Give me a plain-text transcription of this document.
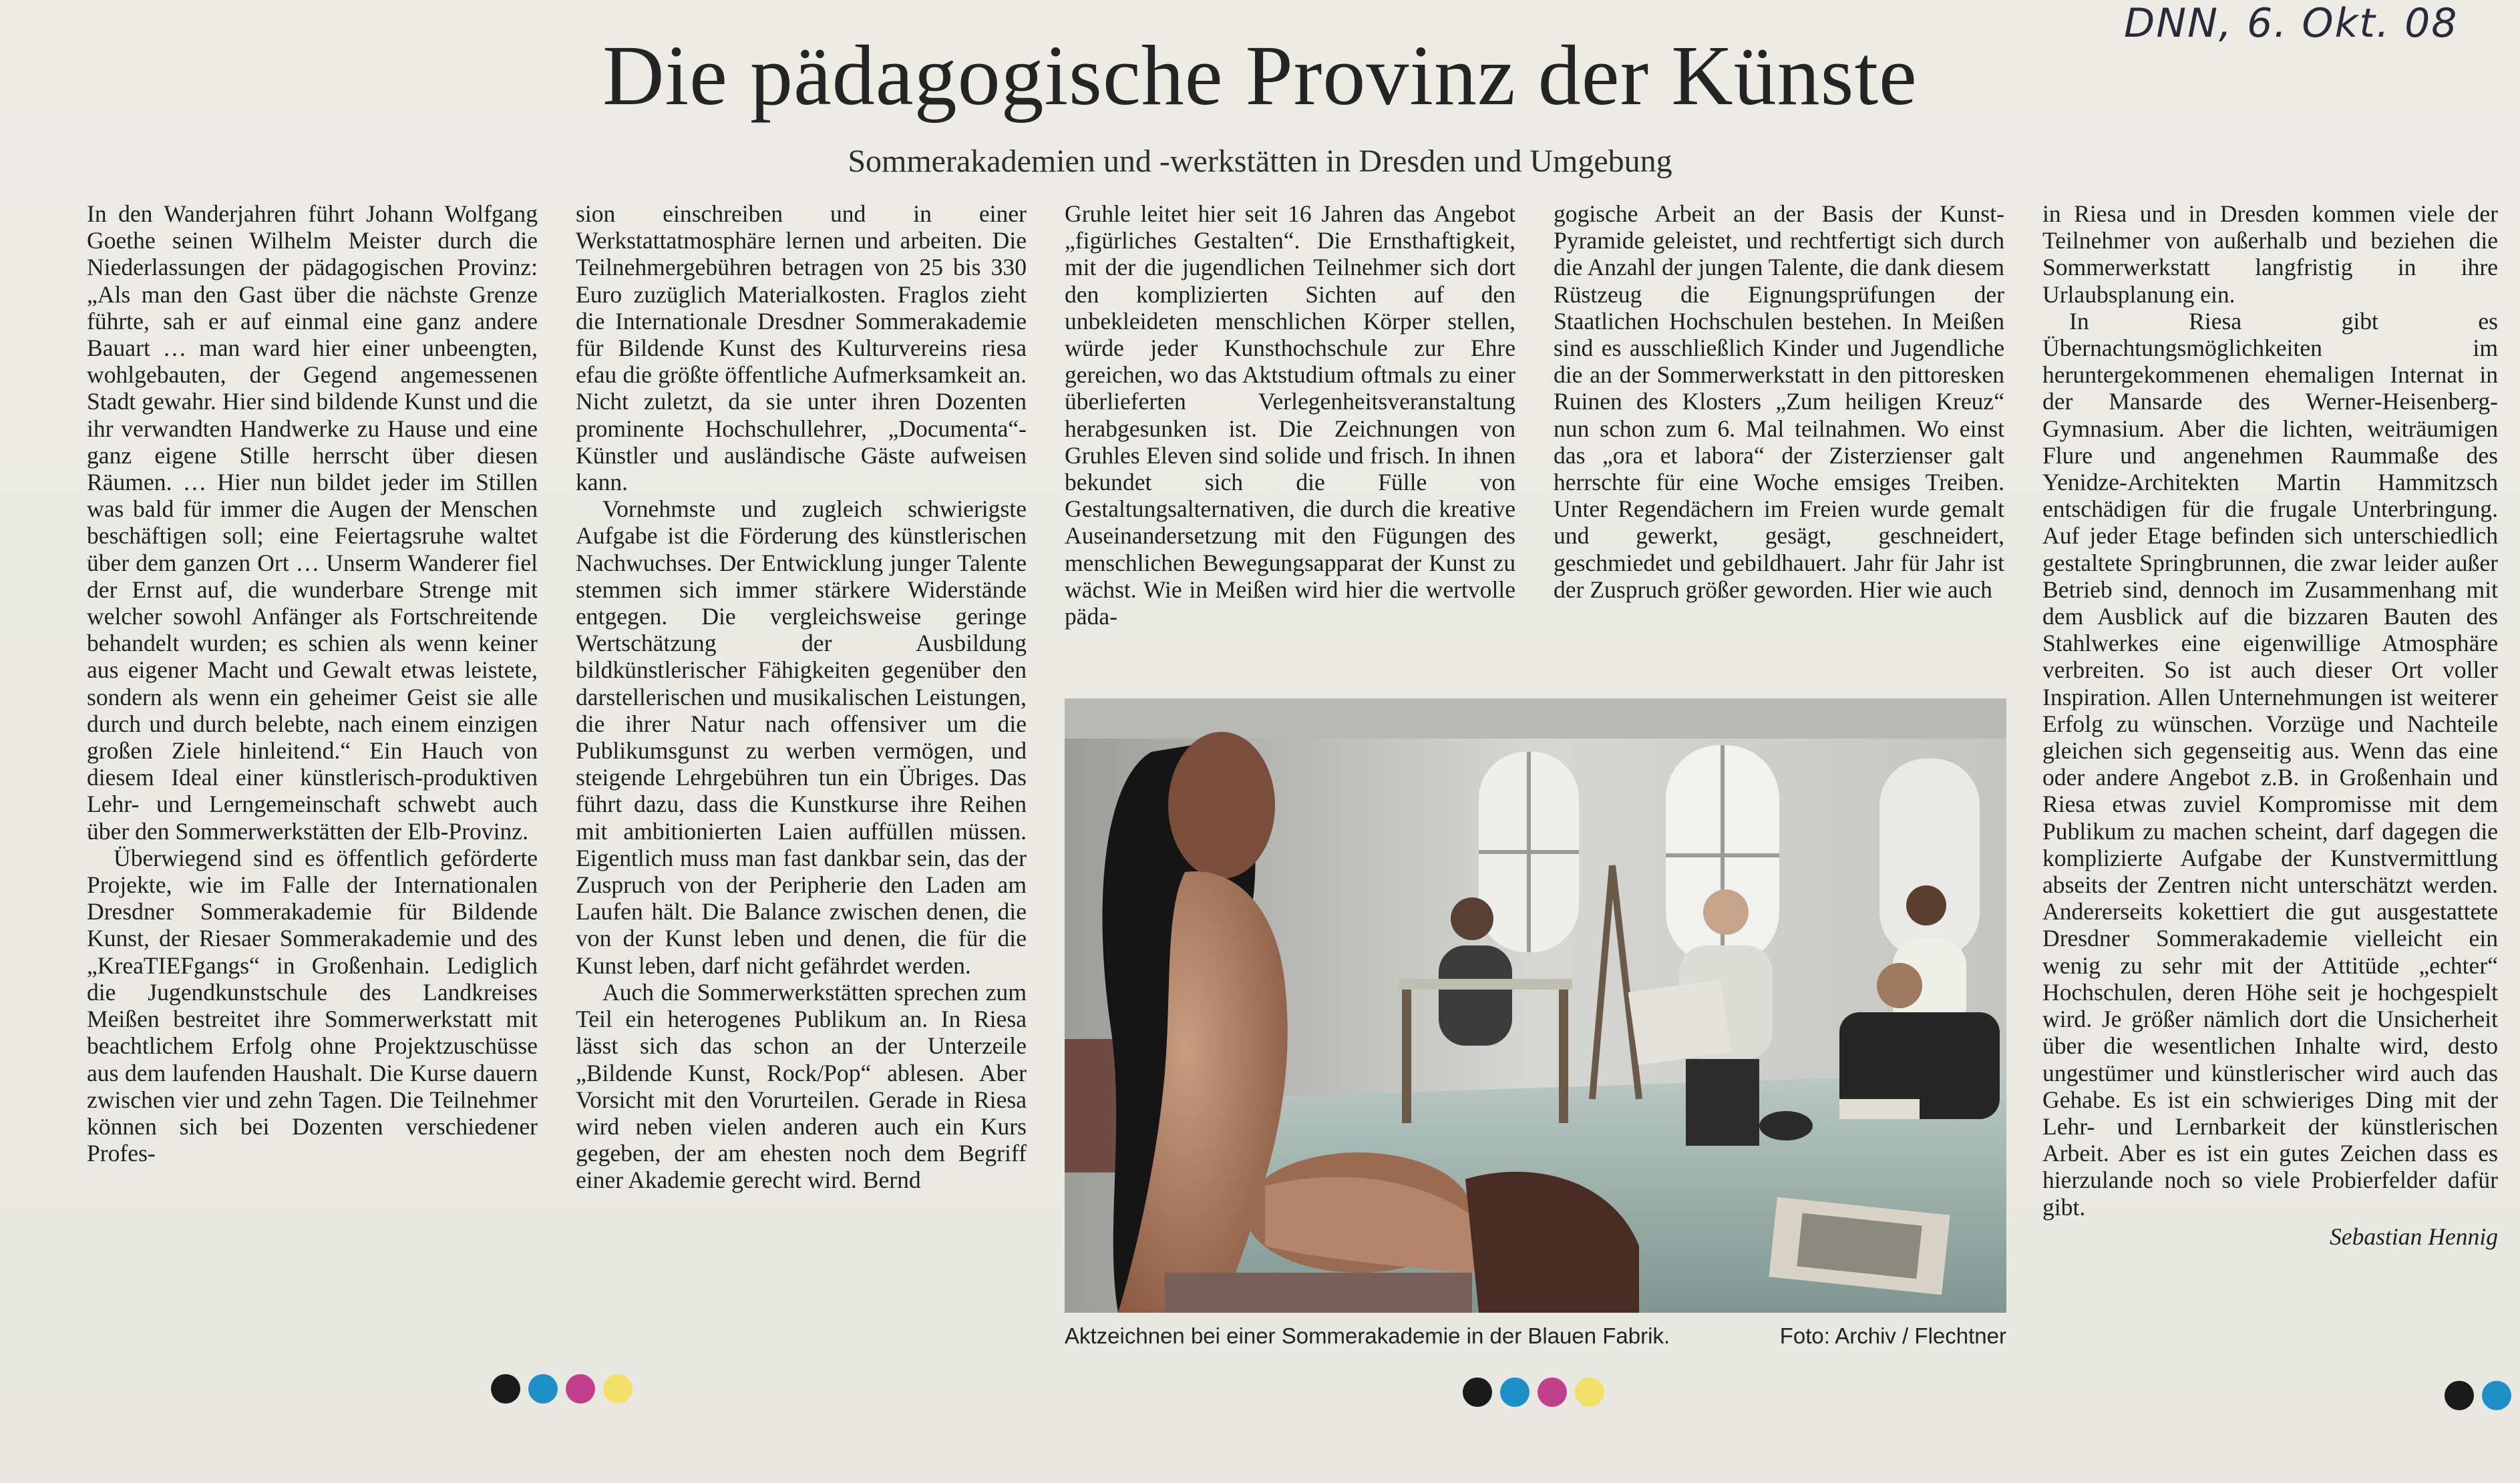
DNN, 6. Okt. 08
Die pädagogische Provinz der Künste
Sommerakademien und -werkstätten in Dresden und Umgebung

In den Wanderjahren führt Johann Wolfgang Goethe seinen Wilhelm Meister durch die Niederlassungen der pädagogischen Provinz: „Als man den Gast über die nächste Grenze führte, sah er auf einmal eine ganz andere Bauart … man ward hier einer unbeengten, wohlgebauten, der Gegend angemessenen Stadt gewahr. Hier sind bildende Kunst und die ihr verwandten Handwerke zu Hause und eine ganz eigene Stille herrscht über diesen Räumen. … Hier nun bildet jeder im Stillen was bald für immer die Augen der Menschen beschäftigen soll; eine Feiertagsruhe waltet über dem ganzen Ort … Unserm Wanderer fiel der Ernst auf, die wunderbare Strenge mit welcher sowohl Anfänger als Fortschreitende behandelt wurden; es schien als wenn keiner aus eigener Macht und Gewalt etwas leistete, sondern als wenn ein geheimer Geist sie alle durch und durch belebte, nach einem einzigen großen Ziele hinleitend.“ Ein Hauch von diesem Ideal einer künstlerisch-produktiven Lehr- und Lerngemeinschaft schwebt auch über den Sommerwerkstätten der Elb-Provinz.

Überwiegend sind es öffentlich geförderte Projekte, wie im Falle der Internationalen Dresdner Sommerakademie für Bildende Kunst, der Riesaer Sommerakademie und des „KreaTIEFgangs“ in Großenhain. Lediglich die Jugendkunstschule des Landkreises Meißen bestreitet ihre Sommerwerkstatt mit beachtlichem Erfolg ohne Projektzuschüsse aus dem laufenden Haushalt. Die Kurse dauern zwischen vier und zehn Tagen. Die Teilnehmer können sich bei Dozenten verschiedener Profes-

sion einschreiben und in einer Werkstattatmosphäre lernen und arbeiten. Die Teilnehmergebühren betragen von 25 bis 330 Euro zuzüglich Materialkosten. Fraglos zieht die Internationale Dresdner Sommerakademie für Bildende Kunst des Kulturvereins riesa efau die größte öffentliche Aufmerksamkeit an. Nicht zuletzt, da sie unter ihren Dozenten prominente Hochschullehrer, „Documenta“-Künstler und ausländische Gäste aufweisen kann.

Vornehmste und zugleich schwierigste Aufgabe ist die Förderung des künstlerischen Nachwuchses. Der Entwicklung junger Talente stemmen sich immer stärkere Widerstände entgegen. Die vergleichsweise geringe Wertschätzung der Ausbildung bildkünstlerischer Fähigkeiten gegenüber den darstellerischen und musikalischen Leistungen, die ihrer Natur nach offensiver um die Publikumsgunst zu werben vermögen, und steigende Lehrgebühren tun ein Übriges. Das führt dazu, dass die Kunstkurse ihre Reihen mit ambitionierten Laien auffüllen müssen. Eigentlich muss man fast dankbar sein, das der Zuspruch von der Peripherie den Laden am Laufen hält. Die Balance zwischen denen, die von der Kunst leben und denen, die für die Kunst leben, darf nicht gefährdet werden.

Auch die Sommerwerkstätten sprechen zum Teil ein heterogenes Publikum an. In Riesa lässt sich das schon an der Unterzeile „Bildende Kunst, Rock/Pop“ ablesen. Aber Vorsicht mit den Vorurteilen. Gerade in Riesa wird neben vielen anderen auch ein Kurs gegeben, der am ehesten noch dem Begriff einer Akademie gerecht wird. Bernd

Gruhle leitet hier seit 16 Jahren das Angebot „figürliches Gestalten“. Die Ernsthaftigkeit, mit der die jugendlichen Teilnehmer sich dort den komplizierten Sichten auf den unbekleideten menschlichen Körper stellen, würde jeder Kunsthochschule zur Ehre gereichen, wo das Aktstudium oftmals zu einer überlieferten Verlegenheitsveranstaltung herabgesunken ist. Die Zeichnungen von Gruhles Eleven sind solide und frisch. In ihnen bekundet sich die Fülle von Gestaltungsalternativen, die durch die kreative Auseinandersetzung mit den Fügungen des menschlichen Bewegungsapparat der Kunst zu wächst. Wie in Meißen wird hier die wertvolle päda-

gogische Arbeit an der Basis der Kunst-Pyramide geleistet, und rechtfertigt sich durch die Anzahl der jungen Talente, die dank diesem Rüstzeug die Eignungsprüfungen der Staatlichen Hochschulen bestehen. In Meißen sind es ausschließlich Kinder und Jugendliche die an der Sommerwerkstatt in den pittoresken Ruinen des Klosters „Zum heiligen Kreuz“ nun schon zum 6. Mal teilnahmen. Wo einst das „ora et labora“ der Zisterzienser galt herrschte für eine Woche emsiges Treiben. Unter Regendächern im Freien wurde gemalt und gewerkt, gesägt, geschneidert, geschmiedet und gebildhauert. Jahr für Jahr ist der Zuspruch größer geworden. Hier wie auch

in Riesa und in Dresden kommen viele der Teilnehmer von außerhalb und beziehen die Sommerwerkstatt langfristig in ihre Urlaubsplanung ein.

In Riesa gibt es Übernachtungsmöglichkeiten im heruntergekommenen ehemaligen Internat in der Mansarde des Werner-Heisenberg-Gymnasium. Aber die lichten, weiträumigen Flure und angenehmen Raummaße des Yenidze-Architekten Martin Hammitzsch entschädigen für die frugale Unterbringung. Auf jeder Etage befinden sich unterschiedlich gestaltete Springbrunnen, die zwar leider außer Betrieb sind, dennoch im Zusammenhang mit dem Ausblick auf die bizzaren Bauten des Stahlwerkes eine eigenwillige Atmosphäre verbreiten. So ist auch dieser Ort voller Inspiration. Allen Unternehmungen ist weiterer Erfolg zu wünschen. Vorzüge und Nachteile gleichen sich gegenseitig aus. Wenn das eine oder andere Angebot z.B. in Großenhain und Riesa etwas zuviel Kompromisse mit dem Publikum zu machen scheint, darf dagegen die komplizierte Aufgabe der Kunstvermittlung abseits der Zentren nicht unterschätzt werden. Andererseits kokettiert die gut ausgestattete Dresdner Sommerakademie vielleicht ein wenig zu sehr mit der Attitüde „echter“ Hochschulen, deren Höhe seit je hochgespielt wird. Je größer nämlich dort die Unsicherheit über die wesentlichen Inhalte wird, desto ungestümer und künstlerischer wird auch das Gehabe. Es ist ein schwieriges Ding mit der Lehr- und Lernbarkeit der künstlerischen Arbeit. Aber es ist ein gutes Zeichen dass es hierzulande noch so viele Probierfelder dafür gibt.

Sebastian Hennig
Aktzeichnen bei einer Sommerakademie in der Blauen Fabrik.	Foto: Archiv / Flechtner
